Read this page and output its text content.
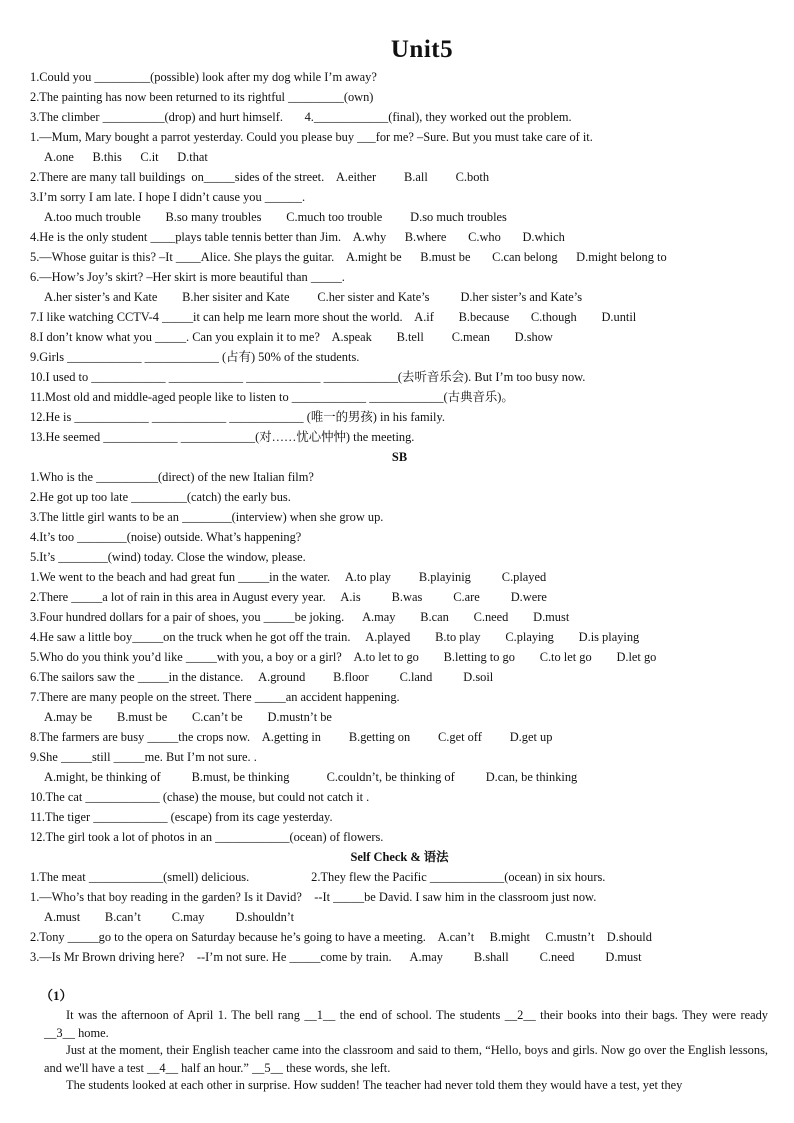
Unit5
1.Could you _________(possible) look after my dog while I’m away?
2.The painting has now been returned to its rightful _________(own)
3.The climber __________(drop) and hurt himself.       4.____________(final), they worked out the problem.
1.—Mum, Mary bought a parrot yesterday. Could you please buy ___for me? –Sure. But you must take care of it.
A.one      B.this      C.it      D.that
2.There are many tall buildings  on_____sides of the street.    A.either         B.all         C.both
3.I’m sorry I am late. I hope I didn’t cause you ______.
A.too much trouble        B.so many troubles        C.much too trouble         D.so much troubles
4.He is the only student ____plays table tennis better than Jim.    A.why      B.where       C.who       D.which
5.—Whose guitar is this? –It ____Alice. She plays the guitar.    A.might be      B.must be       C.can belong      D.might belong to
6.—How’s Joy’s skirt? –Her skirt is more beautiful than _____.
A.her sister’s and Kate        B.her sisiter and Kate         C.her sister and Kate’s          D.her sister’s and Kate’s
7.I like watching CCTV-4 _____it can help me learn more shout the world.    A.if        B.because       C.though        D.until
8.I don’t know what you _____. Can you explain it to me?    A.speak        B.tell         C.mean        D.show
9.Girls ____________ ____________ (占有) 50% of the students.
10.I used to ____________ ____________ ____________ ____________(去听音乐会). But I’m too busy now.
11.Most old and middle-aged people like to listen to ____________ ____________(古典音乐)。
12.He is ____________ ____________ ____________ (唯一的男孩) in his family.
13.He seemed ____________ ____________(对……忧心忡忡) the meeting.
SB
1.Who is the __________(direct) of the new Italian film?
2.He got up too late _________(catch) the early bus.
3.The little girl wants to be an ________(interview) when she grow up.
4.It’s too ________(noise) outside. What’s happening?
5.It’s ________(wind) today. Close the window, please.
1.We went to the beach and had great fun _____in the water.     A.to play         B.playinig          C.played
2.There _____a lot of rain in this area in August every year.     A.is          B.was          C.are          D.were
3.Four hundred dollars for a pair of shoes, you _____be joking.      A.may        B.can        C.need        D.must
4.He saw a little boy_____on the truck when he got off the train.     A.played        B.to play        C.playing        D.is playing
5.Who do you think you’d like _____with you, a boy or a girl?    A.to let to go        B.letting to go        C.to let go        D.let go
6.The sailors saw the _____in the distance.     A.ground         B.floor          C.land          D.soil
7.There are many people on the street. There _____an accident happening.
A.may be        B.must be        C.can’t be        D.mustn’t be
8.The farmers are busy _____the crops now.    A.getting in         B.getting on         C.get off         D.get up
9.She _____still _____me. But I’m not sure. .
A.might, be thinking of          B.must, be thinking            C.couldn’t, be thinking of          D.can, be thinking
10.The cat ____________ (chase) the mouse, but could not catch it .
11.The tiger ____________ (escape) from its cage yesterday.
12.The girl took a lot of photos in an ____________(ocean) of flowers.
Self Check & 语法
1.The meat ____________(smell) delicious.                    2.They flew the Pacific ____________(ocean) in six hours.
1.—Who’s that boy reading in the garden? Is it David?    --It _____be David. I saw him in the classroom just now.
A.must        B.can’t          C.may          D.shouldn’t
2.Tony _____go to the opera on Saturday because he’s going to have a meeting.    A.can’t     B.might     C.mustn’t    D.should
3.—Is Mr Brown driving here?    --I’m not sure. He _____come by train.      A.may          B.shall          C.need          D.must
（1）
It was the afternoon of April 1. The bell rang __1__ the end of school. The students __2__ their books into their bags. They were ready __3__ home.
Just at the moment, their English teacher came into the classroom and said to them, “Hello, boys and girls. Now go over the English lessons, and we'll have a test __4__ half an hour.” __5__ these words, she left.
The students looked at each other in surprise. How sudden! The teacher had never told them they would have a test, yet they
